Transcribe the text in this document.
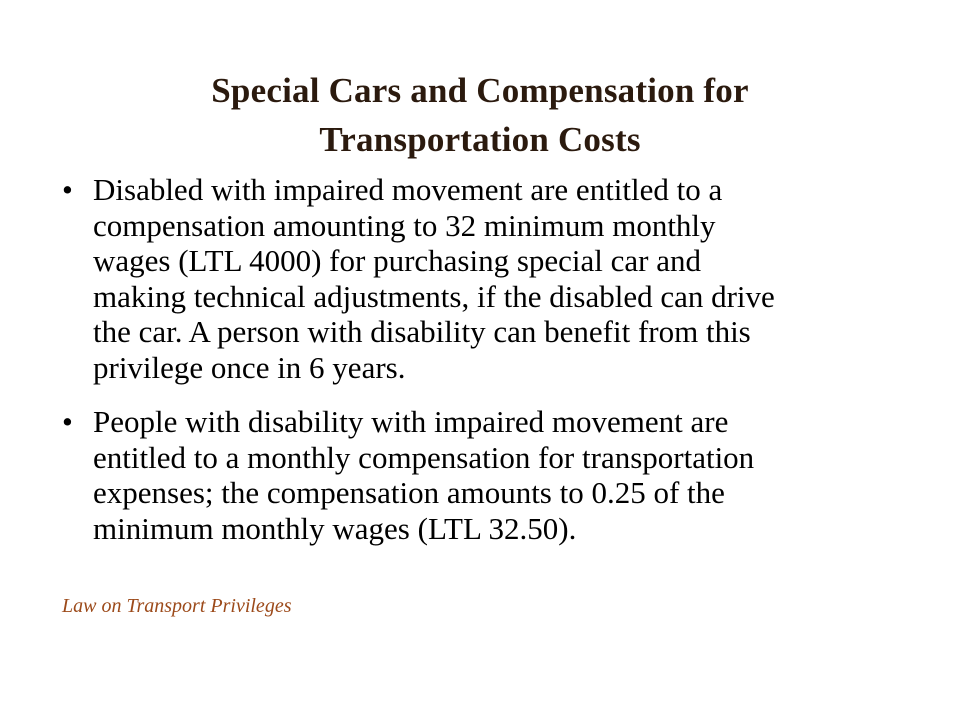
Special Cars and Compensation for
Transportation Costs
• Disabled with impaired movement are entitled to a
compensation amounting to 32 minimum monthly
wages (LTL 4000) for purchasing special car and
making technical adjustments, if the disabled can drive
the car. A person with disability can benefit from this
privilege once in 6 years.
• People with disability with impaired movement are
entitled to a monthly compensation for transportation
expenses; the compensation amounts to 0.25 of the
minimum monthly wages (LTL 32.50).
Law on Transport Privileges
